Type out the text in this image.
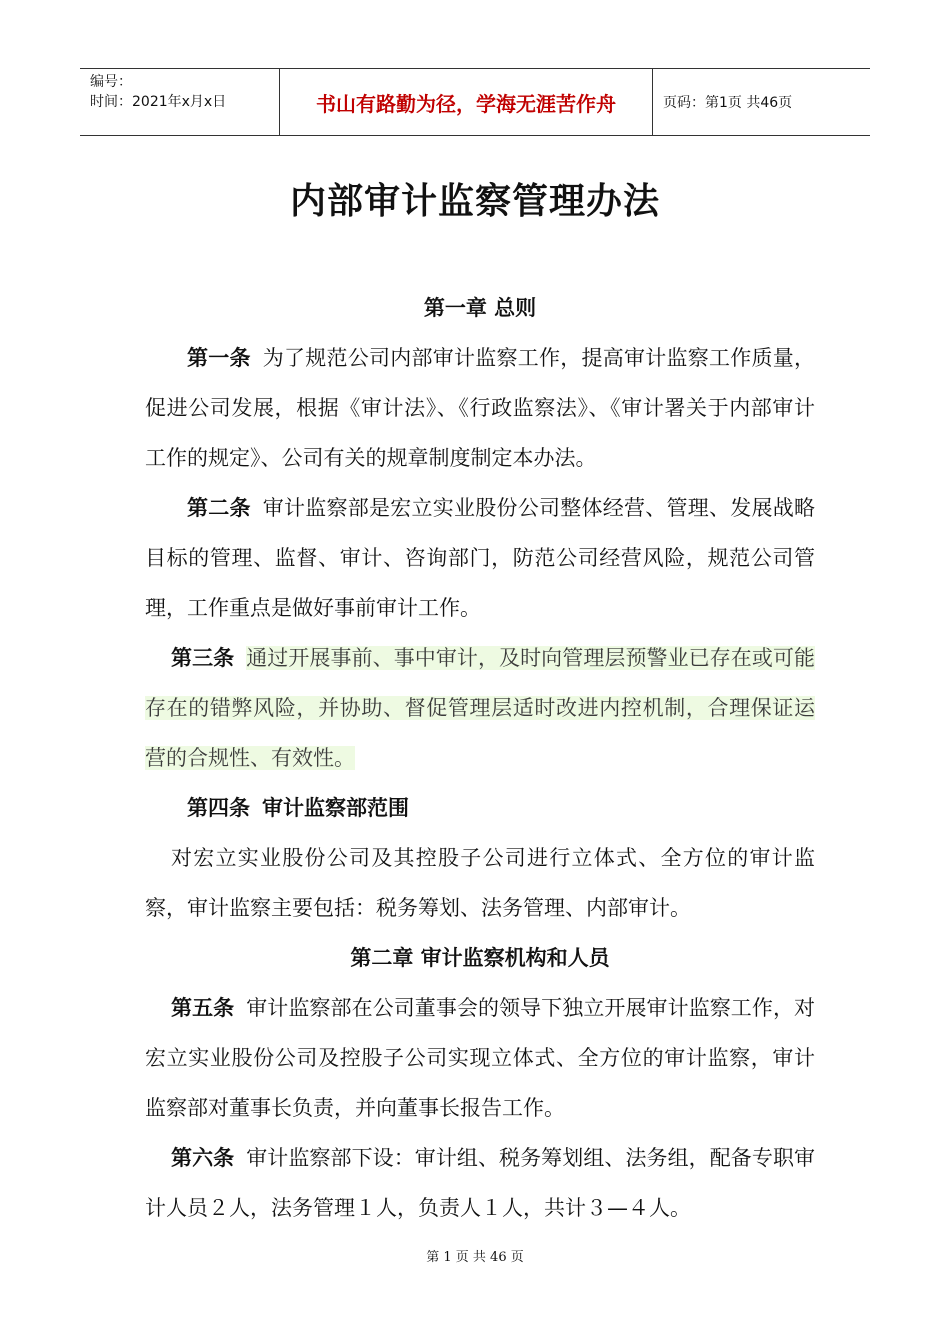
编号：
时间：2021年x月x日	书山有路勤为径，学海无涯苦作舟	页码：第1页 共46页
内部审计监察管理办法
第一章 总则

第一条 为了规范公司内部审计监察工作，提高审计监察工作质量，促进公司发展，根据《审计法》、《行政监察法》、《审计署关于内部审计工作的规定》、公司有关的规章制度制定本办法。

第二条 审计监察部是宏立实业股份公司整体经营、管理、发展战略目标的管理、监督、审计、咨询部门，防范公司经营风险，规范公司管理，工作重点是做好事前审计工作。

第三条 通过开展事前、事中审计，及时向管理层预警业已存在或可能存在的错弊风险，并协助、督促管理层适时改进内控机制，合理保证运营的合规性、有效性。

第四条 审计监察部范围

对宏立实业股份公司及其控股子公司进行立体式、全方位的审计监察，审计监察主要包括：税务筹划、法务管理、内部审计。

第二章 审计监察机构和人员

第五条 审计监察部在公司董事会的领导下独立开展审计监察工作，对宏立实业股份公司及控股子公司实现立体式、全方位的审计监察，审计监察部对董事长负责，并向董事长报告工作。

第六条 审计监察部下设：审计组、税务筹划组、法务组，配备专职审计人员２人，法务管理１人，负责人１人，共计３—４人。

第 1 页 共 46 页
